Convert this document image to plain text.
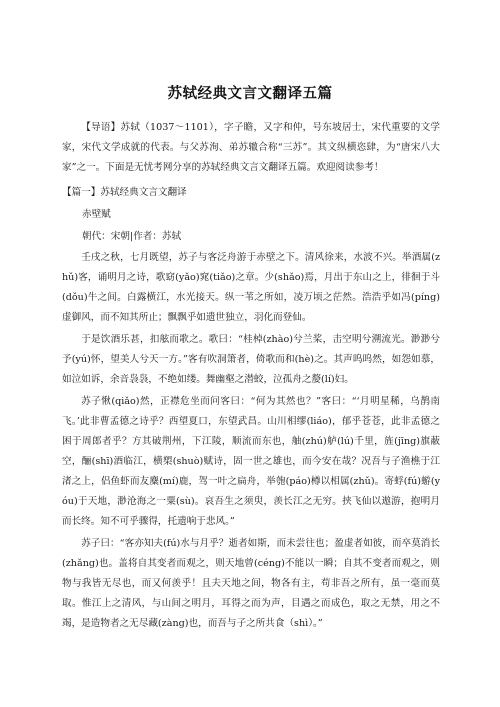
苏轼经典文言文翻译五篇

【导语】苏轼（1037～1101），字子瞻，又字和仲，号东坡居士，宋代重要的文学家，宋代文学成就的代表。与父苏洵、弟苏辙合称“三苏”。其文纵横恣肆，为“唐宋八大家”之一。下面是无忧考网分享的苏轼经典文言文翻译五篇。欢迎阅读参考！

【篇一】苏轼经典文言文翻译

赤壁赋

朝代：宋朝|作者：苏轼

壬戌之秋，七月既望，苏子与客泛舟游于赤壁之下。清风徐来，水波不兴。举酒属(zhǔ)客，诵明月之诗，歌窈(yǎo)窕(tiǎo)之章。少(shǎo)焉，月出于东山之上，徘徊于斗(dǒu)牛之间。白露横江，水光接天。纵一苇之所如，凌万顷之茫然。浩浩乎如冯(píng)虚御风，而不知其所止；飘飘乎如遗世独立，羽化而登仙。

于是饮酒乐甚，扣舷而歌之。歌曰：“桂棹(zhào)兮兰桨，击空明兮溯流光。渺渺兮予(yú)怀，望美人兮天一方。”客有吹洞箫者，倚歌而和(hè)之。其声呜呜然，如怨如慕，如泣如诉，余音袅袅，不绝如缕。舞幽壑之潜蛟，泣孤舟之嫠(lí)妇。

苏子愀(qiǎo)然，正襟危坐而问客曰：“何为其然也？”客曰：“‘月明星稀，乌鹊南飞。’此非曹孟德之诗乎？西望夏口，东望武昌。山川相缪(liáo)，郁乎苍苍，此非孟德之困于周郎者乎？方其破荆州，下江陵，顺流而东也，舳(zhú)舻(lú)千里，旌(jīng)旗蔽空，酾(shī)酒临江，横槊(shuò)赋诗，固一世之雄也，而今安在哉？况吾与子渔樵于江渚之上，侣鱼虾而友麋(mí)鹿，驾一叶之扁舟，举匏(páo)樽以相属(zhǔ)。寄蜉(fú)蝣(yóu)于天地，渺沧海之一粟(sù)。哀吾生之须臾，羡长江之无穷。挟飞仙以遨游，抱明月而长终。知不可乎骤得，托遗响于悲风。”

苏子曰：“客亦知夫(fú)水与月乎？逝者如斯，而未尝往也；盈虚者如彼，而卒莫消长(zhǎng)也。盖将自其变者而观之，则天地曾(céng)不能以一瞬；自其不变者而观之，则物与我皆无尽也，而又何羡乎！且夫天地之间，物各有主，苟非吾之所有，虽一毫而莫取。惟江上之清风，与山间之明月，耳得之而为声，目遇之而成色，取之无禁，用之不竭，是造物者之无尽藏(zàng)也，而吾与子之所共食（shì）。”
